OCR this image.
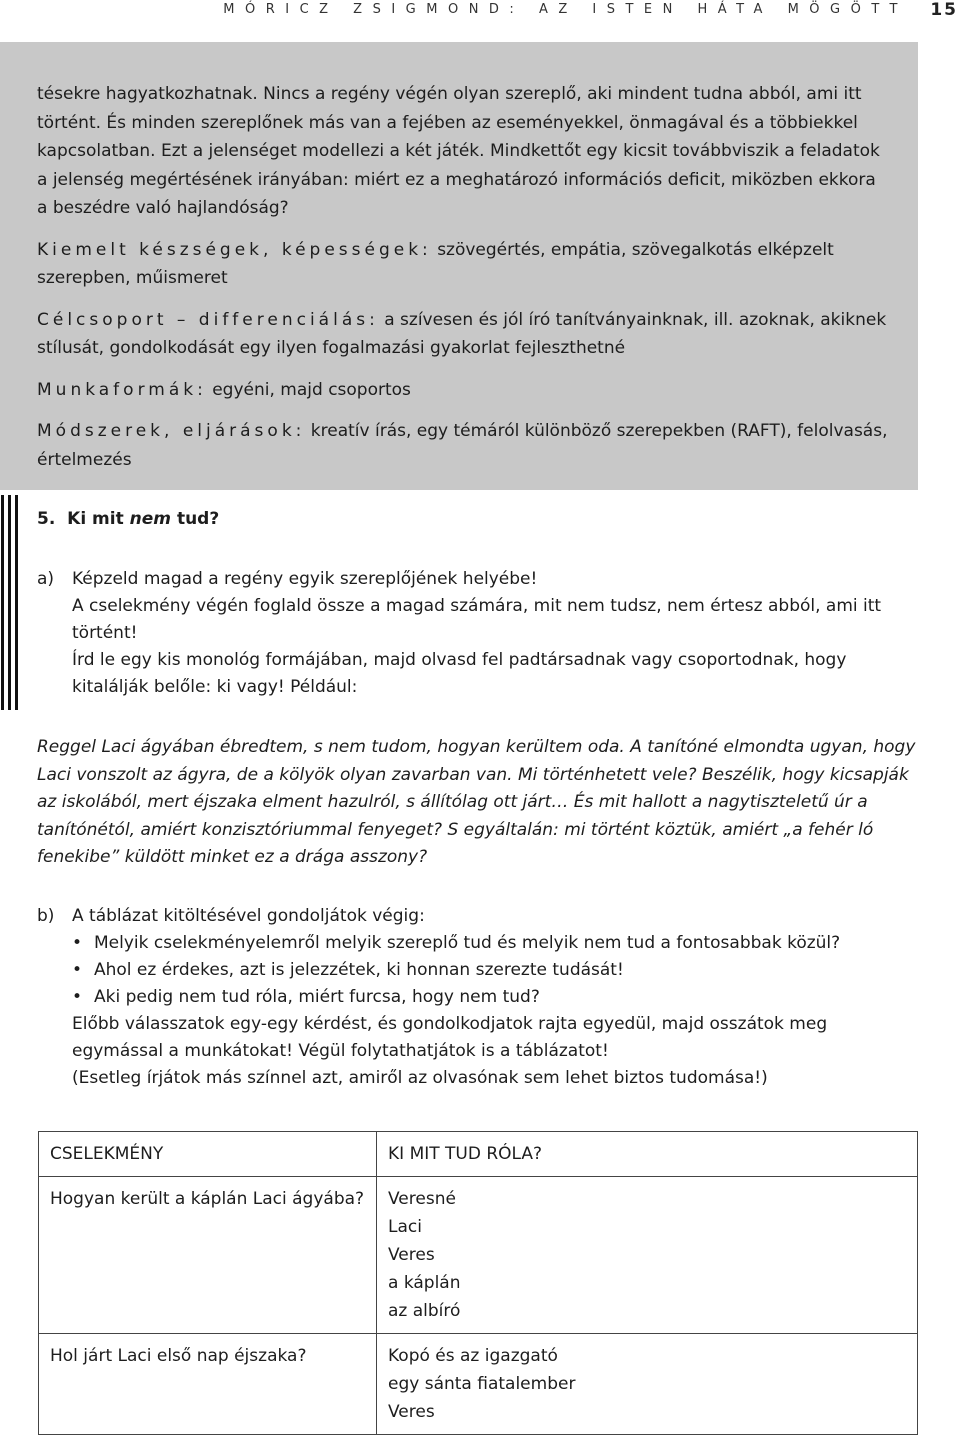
MÓRICZ ZSIGMOND: AZ ISTEN HÁTA MÖGÖTT 15

tésekre hagyatkozhatnak. Nincs a regény végén olyan szereplő, aki mindent tudna abból, ami itt történt. És minden szereplőnek más van a fejében az eseményekkel, önmagával és a többiekkel kapcsolatban. Ezt a jelenséget modellezi a két játék. Mindkettőt egy kicsit továbbviszik a feladatok a jelenség megértésének irányában: miért ez a meghatározó információs deficit, miközben ekkora a beszédre való hajlandóság?

Kiemelt készségek, képességek: szövegértés, empátia, szövegalkotás elképzelt szerepben, műismeret

Célcsoport – differenciálás: a szívesen és jól író tanítványainknak, ill. azoknak, akiknek stílusát, gondolkodását egy ilyen fogalmazási gyakorlat fejleszthetné

Munkaformák: egyéni, majd csoportos

Módszerek, eljárások: kreatív írás, egy témáról különböző szerepekben (RAFT), felolvasás, értelmezés

5. Ki mit nem tud?
a)	Képzeld magad a regény egyik szereplőjének helyébe!
A cselekmény végén foglald össze a magad számára, mit nem tudsz, nem értesz abból, ami itt történt!
Írd le egy kis monológ formájában, majd olvasd fel padtársadnak vagy csoportodnak, hogy kitalálják belőle: ki vagy! Például:
Reggel Laci ágyában ébredtem, s nem tudom, hogyan kerültem oda. A tanítóné elmondta ugyan, hogy Laci vonszolt az ágyra, de a kölyök olyan zavarban van. Mi történhetett vele? Beszélik, hogy kicsapják az iskolából, mert éjszaka elment hazulról, s állítólag ott járt… És mit hallott a nagytiszteletű úr a tanítónétól, amiért konzisztóriummal fenyeget? S egyáltalán: mi történt köztük, amiért „a fehér ló fenekibe” küldött minket ez a drága asszony?
b)	A táblázat kitöltésével gondoljátok végig:
• Melyik cselekményelemről melyik szereplő tud és melyik nem tud a fontosabbak közül?
• Ahol ez érdekes, azt is jelezzétek, ki honnan szerezte tudását!
• Aki pedig nem tud róla, miért furcsa, hogy nem tud?
Előbb válasszatok egy-egy kérdést, és gondolkodjatok rajta egyedül, majd osszátok meg egymással a munkátokat! Végül folytathatjátok is a táblázatot!
(Esetleg írjátok más színnel azt, amiről az olvasónak sem lehet biztos tudomása!)
CSELEKMÉNY	KI MIT TUD RÓLA?
Hogyan került a káplán Laci ágyába?	Veresné
Laci
Veres
a káplán
az albíró

Hol járt Laci első nap éjszaka?	Kopó és az igazgató
egy sánta fiatalember
Veres
